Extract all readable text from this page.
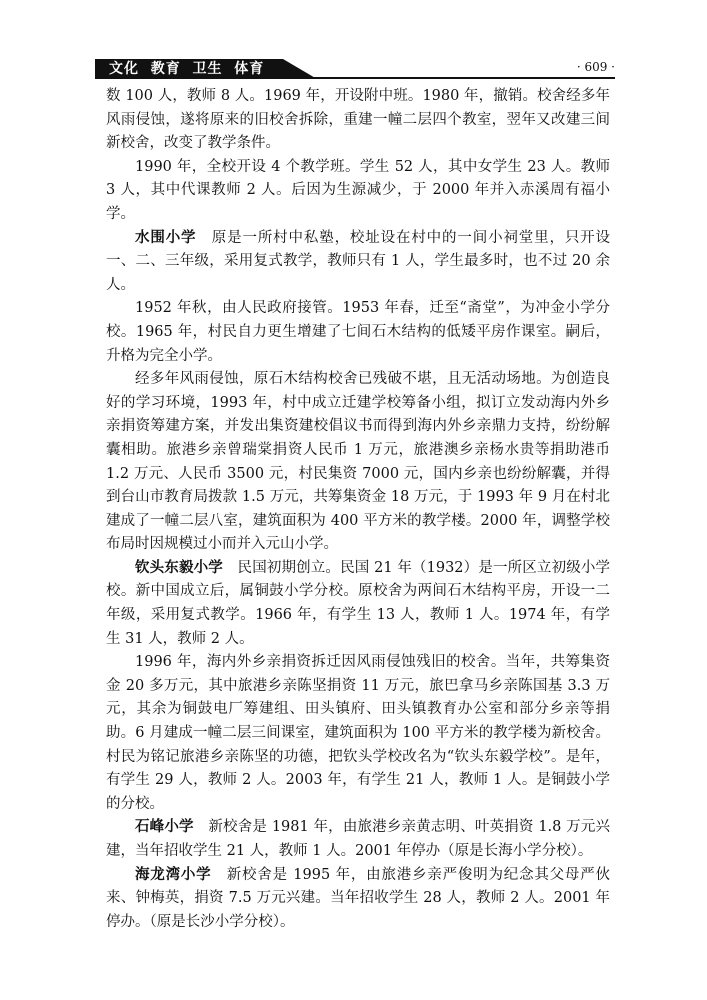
文化  教育  卫生  体育	· 609 ·

数 100 人，教师 8 人。1969 年，开设附中班。1980 年，撤销。校舍经多年风雨侵蚀，遂将原来的旧校舍拆除，重建一幢二层四个教室，翌年又改建三间新校舍，改变了教学条件。

1990 年，全校开设 4 个教学班。学生 52 人，其中女学生 23 人。教师 3 人，其中代课教师 2 人。后因为生源减少，于 2000 年并入赤溪周有福小学。

水围小学　 原是一所村中私塾，校址设在村中的一间小祠堂里，只开设一、二、三年级，采用复式教学，教师只有 1 人，学生最多时，也不过 20 余人。

1952 年秋，由人民政府接管。1953 年春，迁至“斋堂”，为冲金小学分校。1965 年，村民自力更生增建了七间石木结构的低矮平房作课室。嗣后，升格为完全小学。

经多年风雨侵蚀，原石木结构校舍已残破不堪，且无活动场地。为创造良好的学习环境，1993 年，村中成立迁建学校筹备小组，拟订立发动海内外乡亲捐资筹建方案，并发出集资建校倡议书而得到海内外乡亲鼎力支持，纷纷解囊相助。旅港乡亲曾瑞棠捐资人民币 1 万元，旅港澳乡亲杨水贵等捐助港币 1.2 万元、人民币 3500 元，村民集资 7000 元，国内乡亲也纷纷解囊，并得到台山市教育局拨款 1.5 万元，共筹集资金 18 万元，于 1993 年 9 月在村北建成了一幢二层八室，建筑面积为 400 平方米的教学楼。2000 年，调整学校布局时因规模过小而并入元山小学。

钦头东毅小学　 民国初期创立。民国 21 年（1932）是一所区立初级小学校。新中国成立后，属铜鼓小学分校。原校舍为两间石木结构平房，开设一二年级，采用复式教学。1966 年，有学生 13 人，教师 1 人。1974 年，有学生 31 人，教师 2 人。

1996 年，海内外乡亲捐资拆迁因风雨侵蚀残旧的校舍。当年，共筹集资金 20 多万元，其中旅港乡亲陈坚捐资 11 万元，旅巴拿马乡亲陈国基 3.3 万元，其余为铜鼓电厂筹建组、田头镇府、田头镇教育办公室和部分乡亲等捐助。6 月建成一幢二层三间课室，建筑面积为 100 平方米的教学楼为新校舍。村民为铭记旅港乡亲陈坚的功德，把钦头学校改名为“钦头东毅学校”。是年，有学生 29 人，教师 2 人。2003 年，有学生 21 人，教师 1 人。是铜鼓小学的分校。

石峰小学　 新校舍是 1981 年，由旅港乡亲黄志明、叶英捐资 1.8 万元兴建，当年招收学生 21 人，教师 1 人。2001 年停办（原是长海小学分校）。

海龙湾小学　 新校舍是 1995 年，由旅港乡亲严俊明为纪念其父母严伙来、钟梅英，捐资 7.5 万元兴建。当年招收学生 28 人，教师 2 人。2001 年停办。（原是长沙小学分校）。
